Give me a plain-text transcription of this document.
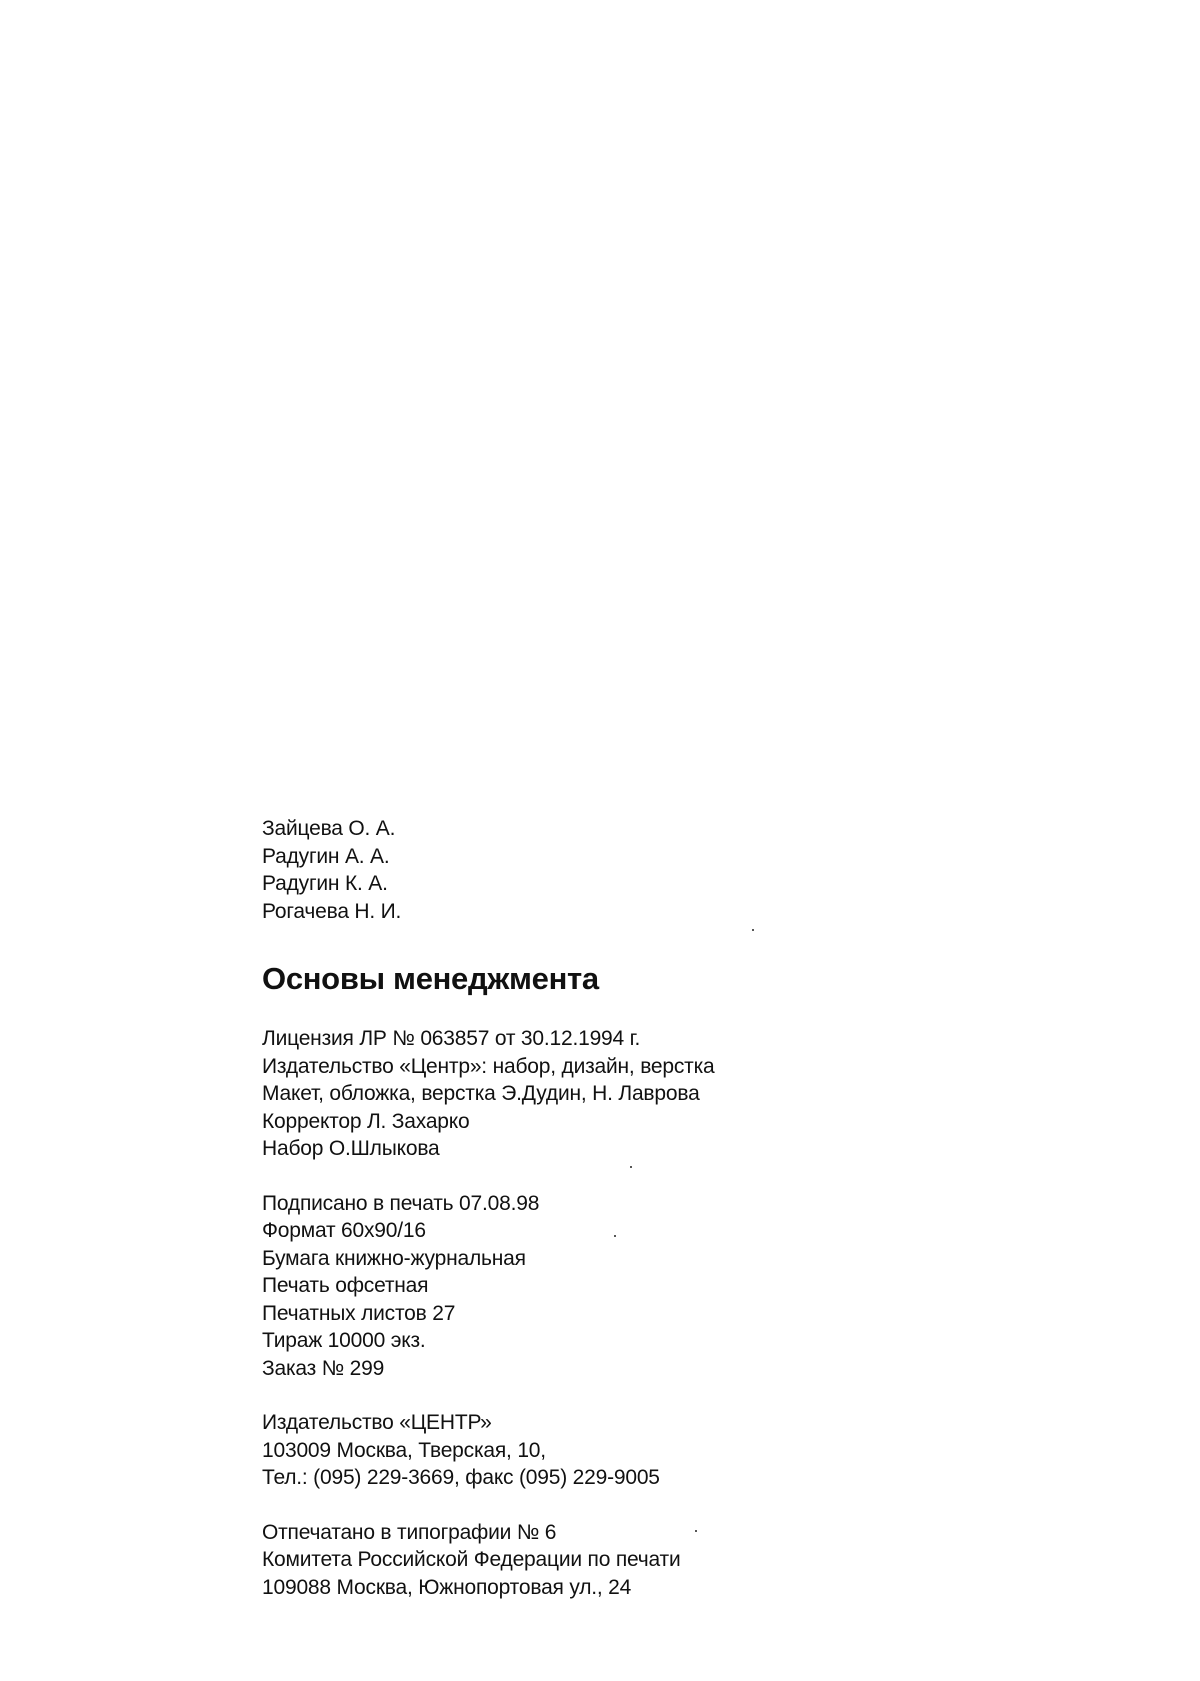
Зайцева О. А.
Радугин А. А.
Радугин К. А.
Рогачева Н. И.
Основы менеджмента
Лицензия ЛР № 063857 от 30.12.1994 г.
Издательство «Центр»: набор, дизайн, верстка
Макет, обложка, верстка Э.Дудин, Н. Лаврова
Корректор Л. Захарко
Набор О.Шлыкова
Подписано в печать 07.08.98
Формат 60х90/16
Бумага книжно-журнальная
Печать офсетная
Печатных листов 27
Тираж 10000 экз.
Заказ № 299
Издательство «ЦЕНТР»
103009 Москва, Тверская, 10,
Тел.: (095) 229-3669, факс (095) 229-9005
Отпечатано в типографии № 6
Комитета Российской Федерации по печати
109088 Москва, Южнопортовая ул., 24
